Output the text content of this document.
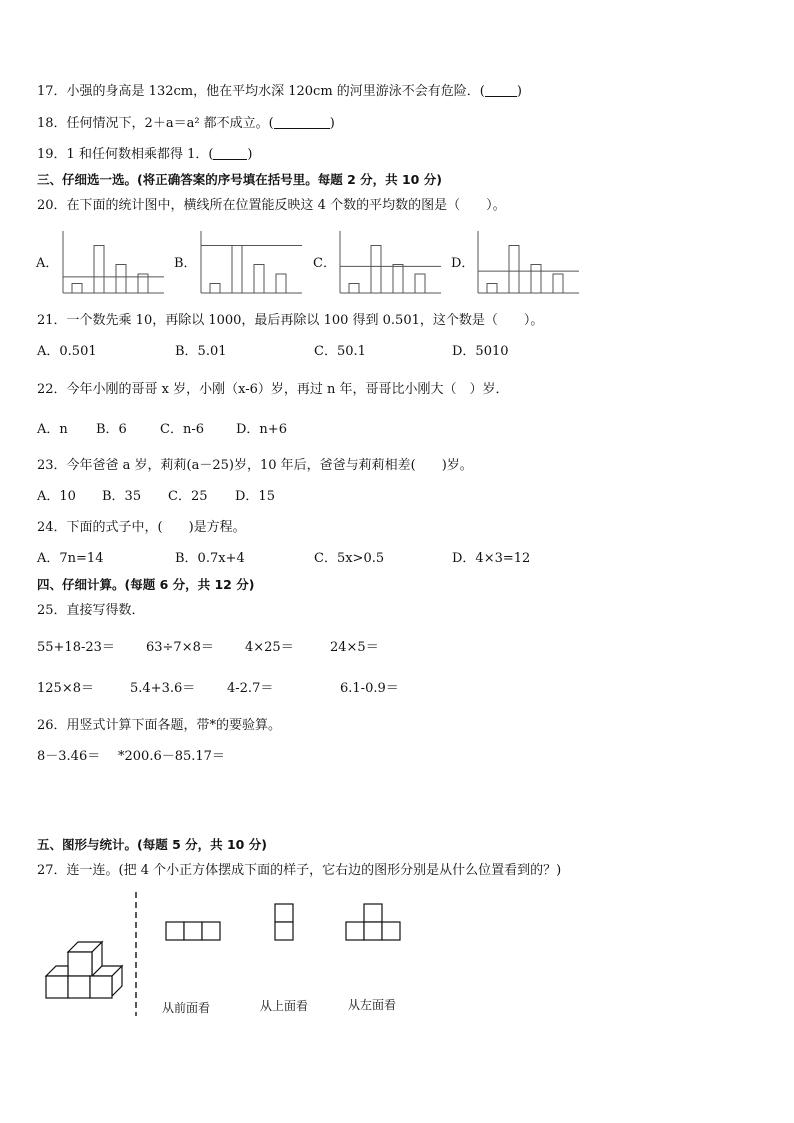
17．小强的身高是 132cm，他在平均水深 120cm 的河里游泳不会有危险．( )
18．任何情况下，2＋a＝a² 都不成立。(	)
19．1 和任何数相乘都得 1．(	)
三、仔细选一选。(将正确答案的序号填在括号里。每题 2 分，共 10 分)
20．在下面的统计图中，横线所在位置能反映这 4 个数的平均数的图是（　　）。
A．	B．	C．	D．
21．一个数先乘 10，再除以 1000，最后再除以 100 得到 0.501，这个数是（　　）。
A．0.501	B．5.01	C．50.1	D．5010
22．今年小刚的哥哥 x 岁，小刚（x-6）岁，再过 n 年，哥哥比小刚大（　）岁．
A．n B．6	C．n-6 D．n+6
23．今年爸爸 a 岁，莉莉(a－25)岁，10 年后，爸爸与莉莉相差(　　)岁。
A．10 B．35 C．25 D．15
24．下面的式子中，(　　)是方程。
A．7n=14	B．0.7x+4	C．5x>0.5	D．4×3=12
四、仔细计算。(每题 6 分，共 12 分)
25．直接写得数．
55+18-23＝ 63÷7×8＝ 4×25＝	24×5＝
125×8＝	5.4+3.6＝ 4-2.7＝	6.1-0.9＝
26．用竖式计算下面各题，带*的要验算。
8－3.46＝ *200.6－85.17＝
五、图形与统计。(每题 5 分，共 10 分)
27．连一连。(把 4 个小正方体摆成下面的样子，它右边的图形分别是从什么位置看到的？)
从前面看	从上面看	从左面看
